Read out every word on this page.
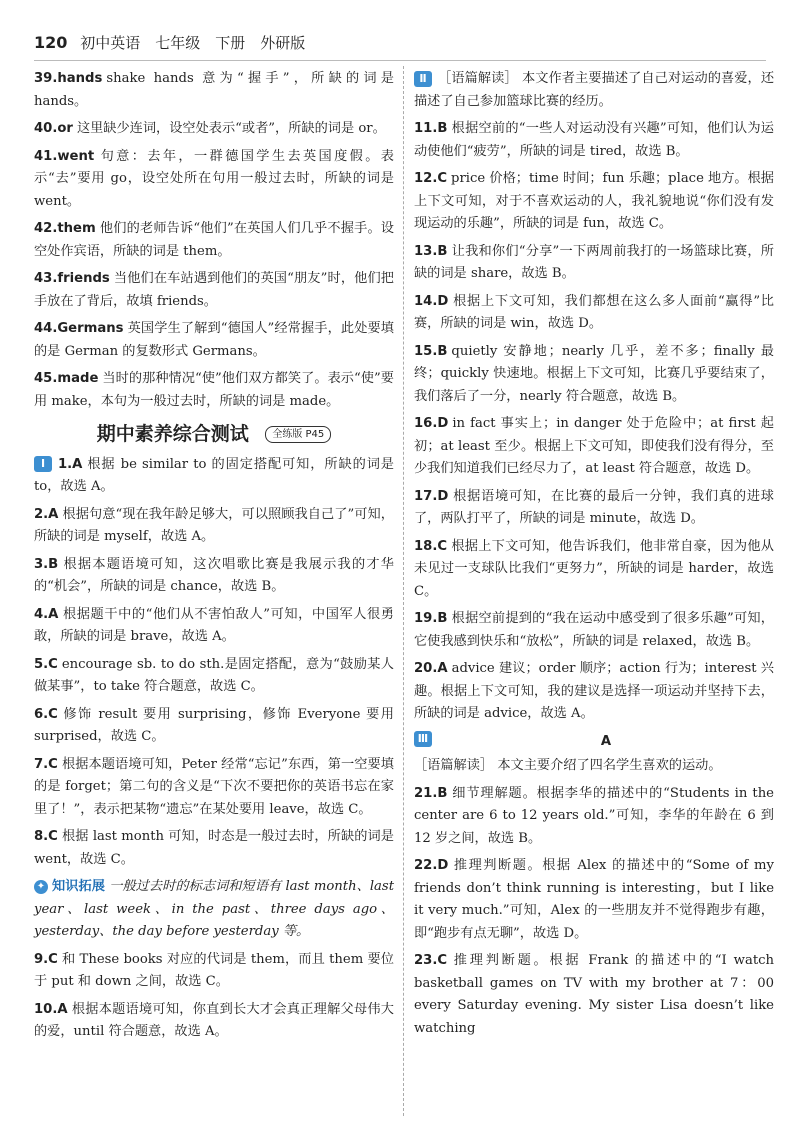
120 初中英语　七年级　下册　外研版
39.hands shake hands 意为“握手”，所缺的词是 hands。
40.or 这里缺少连词，设空处表示“或者”，所缺的词是 or。
41.went 句意：去年，一群德国学生去英国度假。表示“去”要用 go，设空处所在句用一般过去时，所缺的词是 went。
42.them 他们的老师告诉“他们”在英国人们几乎不握手。设空处作宾语，所缺的词是 them。
43.friends 当他们在车站遇到他们的英国“朋友”时，他们把手放在了背后，故填 friends。
44.Germans 英国学生了解到“德国人”经常握手，此处要填的是 German 的复数形式 Germans。
45.made 当时的那种情况“使”他们双方都笑了。表示“使”要用 make，本句为一般过去时，所缺的词是 made。
期中素养综合测试 全练版 P45
Ⅰ 1.A 根据 be similar to 的固定搭配可知，所缺的词是 to，故选 A。
2.A 根据句意“现在我年龄足够大，可以照顾我自己了”可知，所缺的词是 myself，故选 A。
3.B 根据本题语境可知，这次唱歌比赛是我展示我的才华的“机会”，所缺的词是 chance，故选 B。
4.A 根据题干中的“他们从不害怕敌人”可知，中国军人很勇敢，所缺的词是 brave，故选 A。
5.C encourage sb. to do sth.是固定搭配，意为“鼓励某人做某事”，to take 符合题意，故选 C。
6.C 修饰 result 要用 surprising，修饰 Everyone 要用 surprised，故选 C。
7.C 根据本题语境可知，Peter 经常“忘记”东西，第一空要填的是 forget；第二句的含义是“下次不要把你的英语书忘在家里了！”，表示把某物“遗忘”在某处要用 leave，故选 C。
8.C 根据 last month 可知，时态是一般过去时，所缺的词是 went，故选 C。
✦ 知识拓展 一般过去时的标志词和短语有 last month、last year、last week、in the past、three days ago、yesterday、the day before yesterday 等。
9.C 和 These books 对应的代词是 them，而且 them 要位于 put 和 down 之间，故选 C。
10.A 根据本题语境可知，你直到长大才会真正理解父母伟大的爱，until 符合题意，故选 A。
Ⅱ ［语篇解读］ 本文作者主要描述了自己对运动的喜爱，还描述了自己参加篮球比赛的经历。
11.B 根据空前的“一些人对运动没有兴趣”可知，他们认为运动使他们“疲劳”，所缺的词是 tired，故选 B。
12.C price 价格；time 时间；fun 乐趣；place 地方。根据上下文可知，对于不喜欢运动的人，我礼貌地说“你们没有发现运动的乐趣”，所缺的词是 fun，故选 C。
13.B 让我和你们“分享”一下两周前我打的一场篮球比赛，所缺的词是 share，故选 B。
14.D 根据上下文可知，我们都想在这么多人面前“赢得”比赛，所缺的词是 win，故选 D。
15.B quietly 安静地；nearly 几乎，差不多；finally 最终；quickly 快速地。根据上下文可知，比赛几乎要结束了，我们落后了一分，nearly 符合题意，故选 B。
16.D in fact 事实上；in danger 处于危险中；at first 起初；at least 至少。根据上下文可知，即使我们没有得分，至少我们知道我们已经尽力了，at least 符合题意，故选 D。
17.D 根据语境可知，在比赛的最后一分钟，我们真的进球了，两队打平了，所缺的词是 minute，故选 D。
18.C 根据上下文可知，他告诉我们，他非常自豪，因为他从未见过一支球队比我们“更努力”，所缺的词是 harder，故选 C。
19.B 根据空前提到的“我在运动中感受到了很多乐趣”可知，它使我感到快乐和“放松”，所缺的词是 relaxed，故选 B。
20.A advice 建议；order 顺序；action 行为；interest 兴趣。根据上下文可知，我的建议是选择一项运动并坚持下去，所缺的词是 advice，故选 A。
Ⅲ	A
［语篇解读］ 本文主要介绍了四名学生喜欢的运动。
21.B 细节理解题。根据李华的描述中的“Students in the center are 6 to 12 years old.”可知，李华的年龄在 6 到 12 岁之间，故选 B。
22.D 推理判断题。根据 Alex 的描述中的“Some of my friends don’t think running is interesting，but I like it very much.”可知，Alex 的一些朋友并不觉得跑步有趣，即“跑步有点无聊”，故选 D。
23.C 推理判断题。根据 Frank 的描述中的“I watch basketball games on TV with my brother at 7：00 every Saturday evening. My sister Lisa doesn’t like watching
